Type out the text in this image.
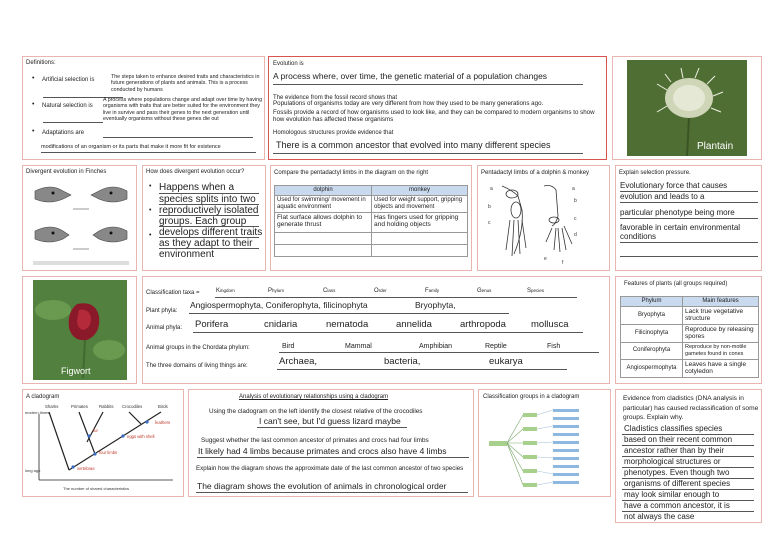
Definitions:
• Artificial selection is	The steps taken to enhance desired traits and characteristics in future generations of plants and animals. This is a process conducted by humans
• Natural selection is
A process where populations change and adapt over time by having organisms with traits that are better suited for the environment they live in survive and pass their genes to the next generation until eventually organisms without these genes die out
• Adaptations are
modifications of an organism or its parts that make it more fit for existence
Evolution is
A process where, over time, the genetic material of a population changes
The evidence from the fossil record shows that
Populations of organisms today are very different from how they used to be many generations ago.
Fossils provide a record of how organisms used to look like, and they can be compared to modern organisms to show how evolution has affected these organisms
Homologous structures provide evidence that
There is a common ancestor that evolved into many different species	Plantain
Divergent evolution in Finches	How does divergent evolution occur?
•
•
•
Happens when a
species splits into two
reproductively isolated
groups. Each group
develops different traits
as they adapt to their
environment
Compare the pentadactyl limbs in the diagram on the right
dolphin	monkey
Used for swimming/ movement in aquatic environment	Used for weight support, gripping objects and movement
Flat surface allows dolphin to generate thrust	Has fingers used for gripping and holding objects

Pentadactyl limbs of a dolphin & monkey
a
b
c
a
b
c
d
e
f
Explain selection pressure.
Evolutionary force that causes
evolution and leads to a
particular phenotype being more
favorable in certain environmental
conditions
Figwort
Classification taxa =	$K^{ingdom}$	$P^{hylum}$	$C^{lass}$	$O^{rder}$	$F^{amily}$	$G^{enus}$	$S^{pecies}$
Plant phyla:
Angiospermophyta, Coniferophyta, filicinophyta	Bryophyta,
Animal phyla: Porifera	cnidaria	nematoda	annelida	arthropoda	mollusca
Animal groups in the Chordata phylum:	Bird	Mammal	Amphibian	Reptile	Fish
The three domains of living things are:	Archaea,	bacteria,	eukarya
Features of plants (all groups required)
Phylum	Main features
Bryophyta	Lack true vegetative structure
Filicinophyta	Reproduce by releasing spores
Coniferophyta	Reproduce by non-motile gametes found in cones
Angiospermophyta	Leaves have a single cotyledon
A cladogram
Sharks	Primates	Rabbits Crocodiles	Birds
feathers
eggs with shell
fur
four limbs
vertebrae
modern times
long ago
The number of shared characteristics
Analysis of evolutionary relationships using a cladogram
Using the cladogram on the left identify the closest relative of the crocodiles
I can't see, but I'd guess lizard maybe
Suggest whether the last common ancestor of primates and crocs had four limbs
It likely had 4 limbs because primates and crocs also have 4 limbs
Explain how the diagram shows the approximate date of the last common ancestor of two species
The diagram shows the evolution of animals in chronological order
Classification groups in a cladogram	Evidence from cladistics (DNA analysis in particular) has caused reclassification of some groups. Explain why.
Cladistics classifies species
based on their recent common
ancestor rather than by their
morphological structures or
phenotypes. Even though two
organisms of different species
may look similar enough to
have a common ancestor, it is
not always the case
